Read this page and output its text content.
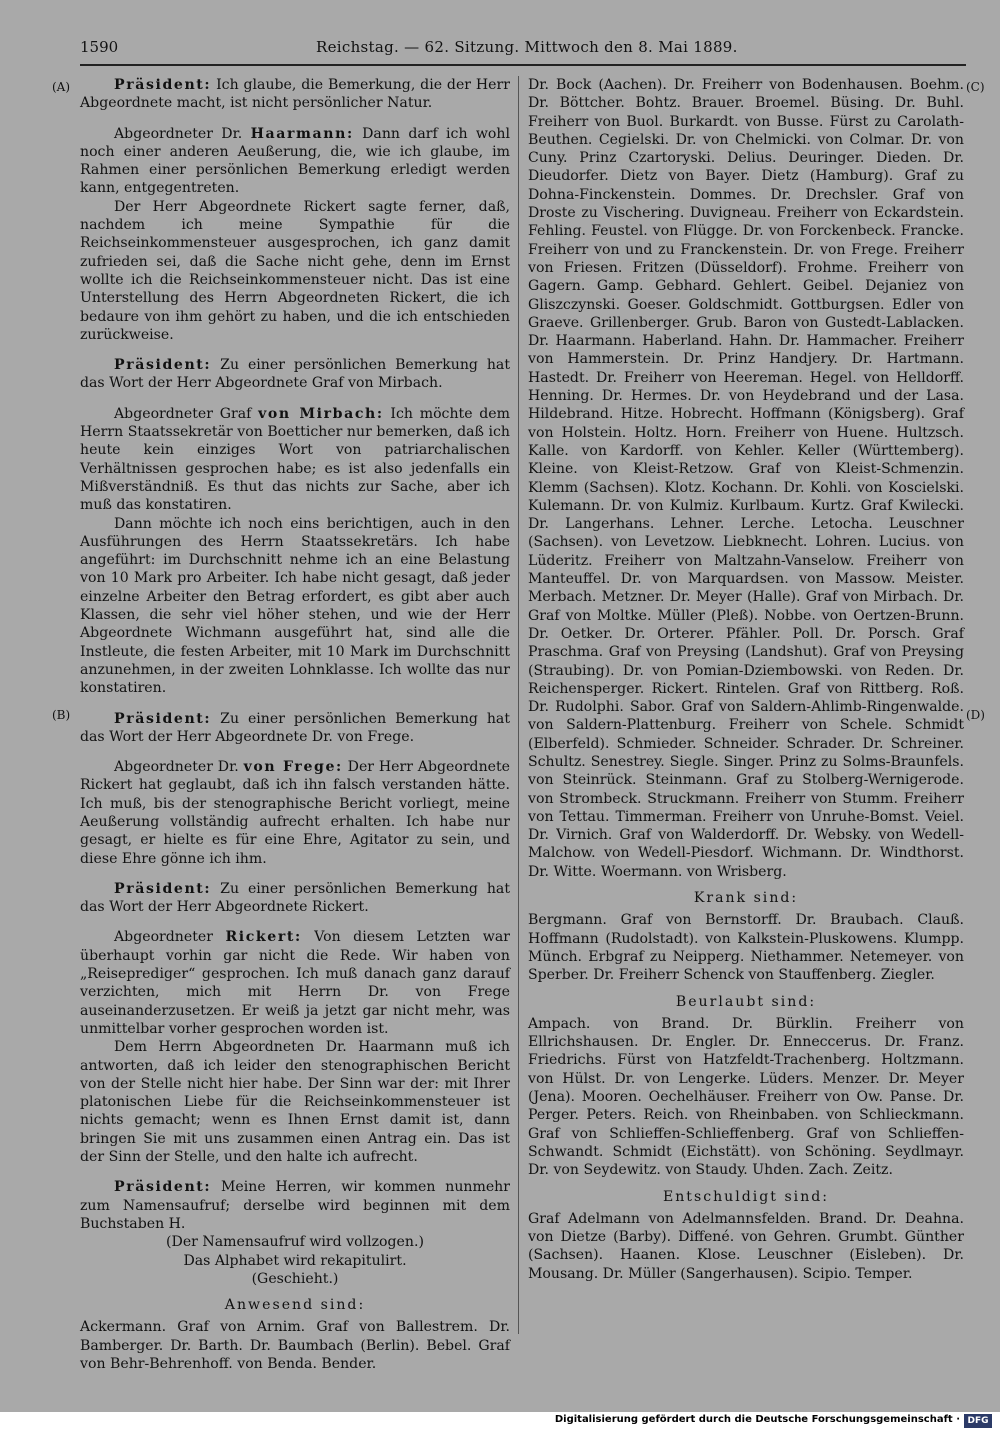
1590	Reichstag. — 62. Sitzung. Mittwoch den 8. Mai 1889.
(A)
(B)
(C)
(D)

Präsident: Ich glaube, die Bemerkung, die der Herr Abgeordnete macht, ist nicht persönlicher Natur.

Abgeordneter Dr. Haarmann: Dann darf ich wohl noch einer anderen Aeußerung, die, wie ich glaube, im Rahmen einer persönlichen Bemerkung erledigt werden kann, entgegentreten.

Der Herr Abgeordnete Rickert sagte ferner, daß, nachdem ich meine Sympathie für die Reichseinkommensteuer ausgesprochen, ich ganz damit zufrieden sei, daß die Sache nicht gehe, denn im Ernst wollte ich die Reichseinkommensteuer nicht. Das ist eine Unterstellung des Herrn Abgeordneten Rickert, die ich bedaure von ihm gehört zu haben, und die ich entschieden zurückweise.

Präsident: Zu einer persönlichen Bemerkung hat das Wort der Herr Abgeordnete Graf von Mirbach.

Abgeordneter Graf von Mirbach: Ich möchte dem Herrn Staatssekretär von Boetticher nur bemerken, daß ich heute kein einziges Wort von patriarchalischen Verhältnissen gesprochen habe; es ist also jedenfalls ein Mißverständniß. Es thut das nichts zur Sache, aber ich muß das konstatiren.

Dann möchte ich noch eins berichtigen, auch in den Ausführungen des Herrn Staatssekretärs. Ich habe angeführt: im Durchschnitt nehme ich an eine Belastung von 10 Mark pro Arbeiter. Ich habe nicht gesagt, daß jeder einzelne Arbeiter den Betrag erfordert, es gibt aber auch Klassen, die sehr viel höher stehen, und wie der Herr Abgeordnete Wichmann ausgeführt hat, sind alle die Instleute, die festen Arbeiter, mit 10 Mark im Durchschnitt anzunehmen, in der zweiten Lohnklasse. Ich wollte das nur konstatiren.

Präsident: Zu einer persönlichen Bemerkung hat das Wort der Herr Abgeordnete Dr. von Frege.

Abgeordneter Dr. von Frege: Der Herr Abgeordnete Rickert hat geglaubt, daß ich ihn falsch verstanden hätte. Ich muß, bis der stenographische Bericht vorliegt, meine Aeußerung vollständig aufrecht erhalten. Ich habe nur gesagt, er hielte es für eine Ehre, Agitator zu sein, und diese Ehre gönne ich ihm.

Präsident: Zu einer persönlichen Bemerkung hat das Wort der Herr Abgeordnete Rickert.

Abgeordneter Rickert: Von diesem Letzten war überhaupt vorhin gar nicht die Rede. Wir haben von „Reiseprediger“ gesprochen. Ich muß danach ganz darauf verzichten, mich mit Herrn Dr. von Frege auseinanderzusetzen. Er weiß ja jetzt gar nicht mehr, was unmittelbar vorher gesprochen worden ist.

Dem Herrn Abgeordneten Dr. Haarmann muß ich antworten, daß ich leider den stenographischen Bericht von der Stelle nicht hier habe. Der Sinn war der: mit Ihrer platonischen Liebe für die Reichseinkommensteuer ist nichts gemacht; wenn es Ihnen Ernst damit ist, dann bringen Sie mit uns zusammen einen Antrag ein. Das ist der Sinn der Stelle, und den halte ich aufrecht.

Präsident: Meine Herren, wir kommen nunmehr zum Namensaufruf; derselbe wird beginnen mit dem Buchstaben H.

(Der Namensaufruf wird vollzogen.)

Das Alphabet wird rekapitulirt.

(Geschieht.)

Anwesend sind:

Ackermann. Graf von Arnim. Graf von Ballestrem. Dr. Bamberger. Dr. Barth. Dr. Baumbach (Berlin). Bebel. Graf von Behr-Behrenhoff. von Benda. Bender.

Dr. Bock (Aachen). Dr. Freiherr von Bodenhausen. Boehm. Dr. Böttcher. Bohtz. Brauer. Broemel. Büsing. Dr. Buhl. Freiherr von Buol. Burkardt. von Busse. Fürst zu Carolath-Beuthen. Cegielski. Dr. von Chelmicki. von Colmar. Dr. von Cuny. Prinz Czartoryski. Delius. Deuringer. Dieden. Dr. Dieudorfer. Dietz von Bayer. Dietz (Hamburg). Graf zu Dohna-Finckenstein. Dommes. Dr. Drechsler. Graf von Droste zu Vischering. Duvigneau. Freiherr von Eckardstein. Fehling. Feustel. von Flügge. Dr. von Forckenbeck. Francke. Freiherr von und zu Franckenstein. Dr. von Frege. Freiherr von Friesen. Fritzen (Düsseldorf). Frohme. Freiherr von Gagern. Gamp. Gebhard. Gehlert. Geibel. Dejaniez von Gliszczynski. Goeser. Goldschmidt. Gottburgsen. Edler von Graeve. Grillenberger. Grub. Baron von Gustedt-Lablacken. Dr. Haarmann. Haberland. Hahn. Dr. Hammacher. Freiherr von Hammerstein. Dr. Prinz Handjery. Dr. Hartmann. Hastedt. Dr. Freiherr von Heereman. Hegel. von Helldorff. Henning. Dr. Hermes. Dr. von Heydebrand und der Lasa. Hildebrand. Hitze. Hobrecht. Hoffmann (Königsberg). Graf von Holstein. Holtz. Horn. Freiherr von Huene. Hultzsch. Kalle. von Kardorff. von Kehler. Keller (Württemberg). Kleine. von Kleist-Retzow. Graf von Kleist-Schmenzin. Klemm (Sachsen). Klotz. Kochann. Dr. Kohli. von Koscielski. Kulemann. Dr. von Kulmiz. Kurlbaum. Kurtz. Graf Kwilecki. Dr. Langerhans. Lehner. Lerche. Letocha. Leuschner (Sachsen). von Levetzow. Liebknecht. Lohren. Lucius. von Lüderitz. Freiherr von Maltzahn-Vanselow. Freiherr von Manteuffel. Dr. von Marquardsen. von Massow. Meister. Merbach. Metzner. Dr. Meyer (Halle). Graf von Mirbach. Dr. Graf von Moltke. Müller (Pleß). Nobbe. von Oertzen-Brunn. Dr. Oetker. Dr. Orterer. Pfähler. Poll. Dr. Porsch. Graf Praschma. Graf von Preysing (Landshut). Graf von Preysing (Straubing). Dr. von Pomian-Dziembowski. von Reden. Dr. Reichensperger. Rickert. Rintelen. Graf von Rittberg. Roß. Dr. Rudolphi. Sabor. Graf von Saldern-Ahlimb-Ringenwalde. von Saldern-Plattenburg. Freiherr von Schele. Schmidt (Elberfeld). Schmieder. Schneider. Schrader. Dr. Schreiner. Schultz. Senestrey. Siegle. Singer. Prinz zu Solms-Braunfels. von Steinrück. Steinmann. Graf zu Stolberg-Wernigerode. von Strombeck. Struckmann. Freiherr von Stumm. Freiherr von Tettau. Timmerman. Freiherr von Unruhe-Bomst. Veiel. Dr. Virnich. Graf von Walderdorff. Dr. Websky. von Wedell-Malchow. von Wedell-Piesdorf. Wichmann. Dr. Windthorst. Dr. Witte. Woermann. von Wrisberg.

Krank sind:

Bergmann. Graf von Bernstorff. Dr. Braubach. Clauß. Hoffmann (Rudolstadt). von Kalkstein-Pluskowens. Klumpp. Münch. Erbgraf zu Neipperg. Niethammer. Netemeyer. von Sperber. Dr. Freiherr Schenck von Stauffenberg. Ziegler.

Beurlaubt sind:

Ampach. von Brand. Dr. Bürklin. Freiherr von Ellrichshausen. Dr. Engler. Dr. Enneccerus. Dr. Franz. Friedrichs. Fürst von Hatzfeldt-Trachenberg. Holtzmann. von Hülst. Dr. von Lengerke. Lüders. Menzer. Dr. Meyer (Jena). Mooren. Oechelhäuser. Freiherr von Ow. Panse. Dr. Perger. Peters. Reich. von Rheinbaben. von Schlieckmann. Graf von Schlieffen-Schlieffenberg. Graf von Schlieffen-Schwandt. Schmidt (Eichstätt). von Schöning. Seydlmayr. Dr. von Seydewitz. von Staudy. Uhden. Zach. Zeitz.

Entschuldigt sind:

Graf Adelmann von Adelmannsfelden. Brand. Dr. Deahna. von Dietze (Barby). Diffené. von Gehren. Grumbt. Günther (Sachsen). Haanen. Klose. Leuschner (Eisleben). Dr. Mousang. Dr. Müller (Sangerhausen). Scipio. Temper.

Digitalisierung gefördert durch die Deutsche Forschungsgemeinschaft · DFG
